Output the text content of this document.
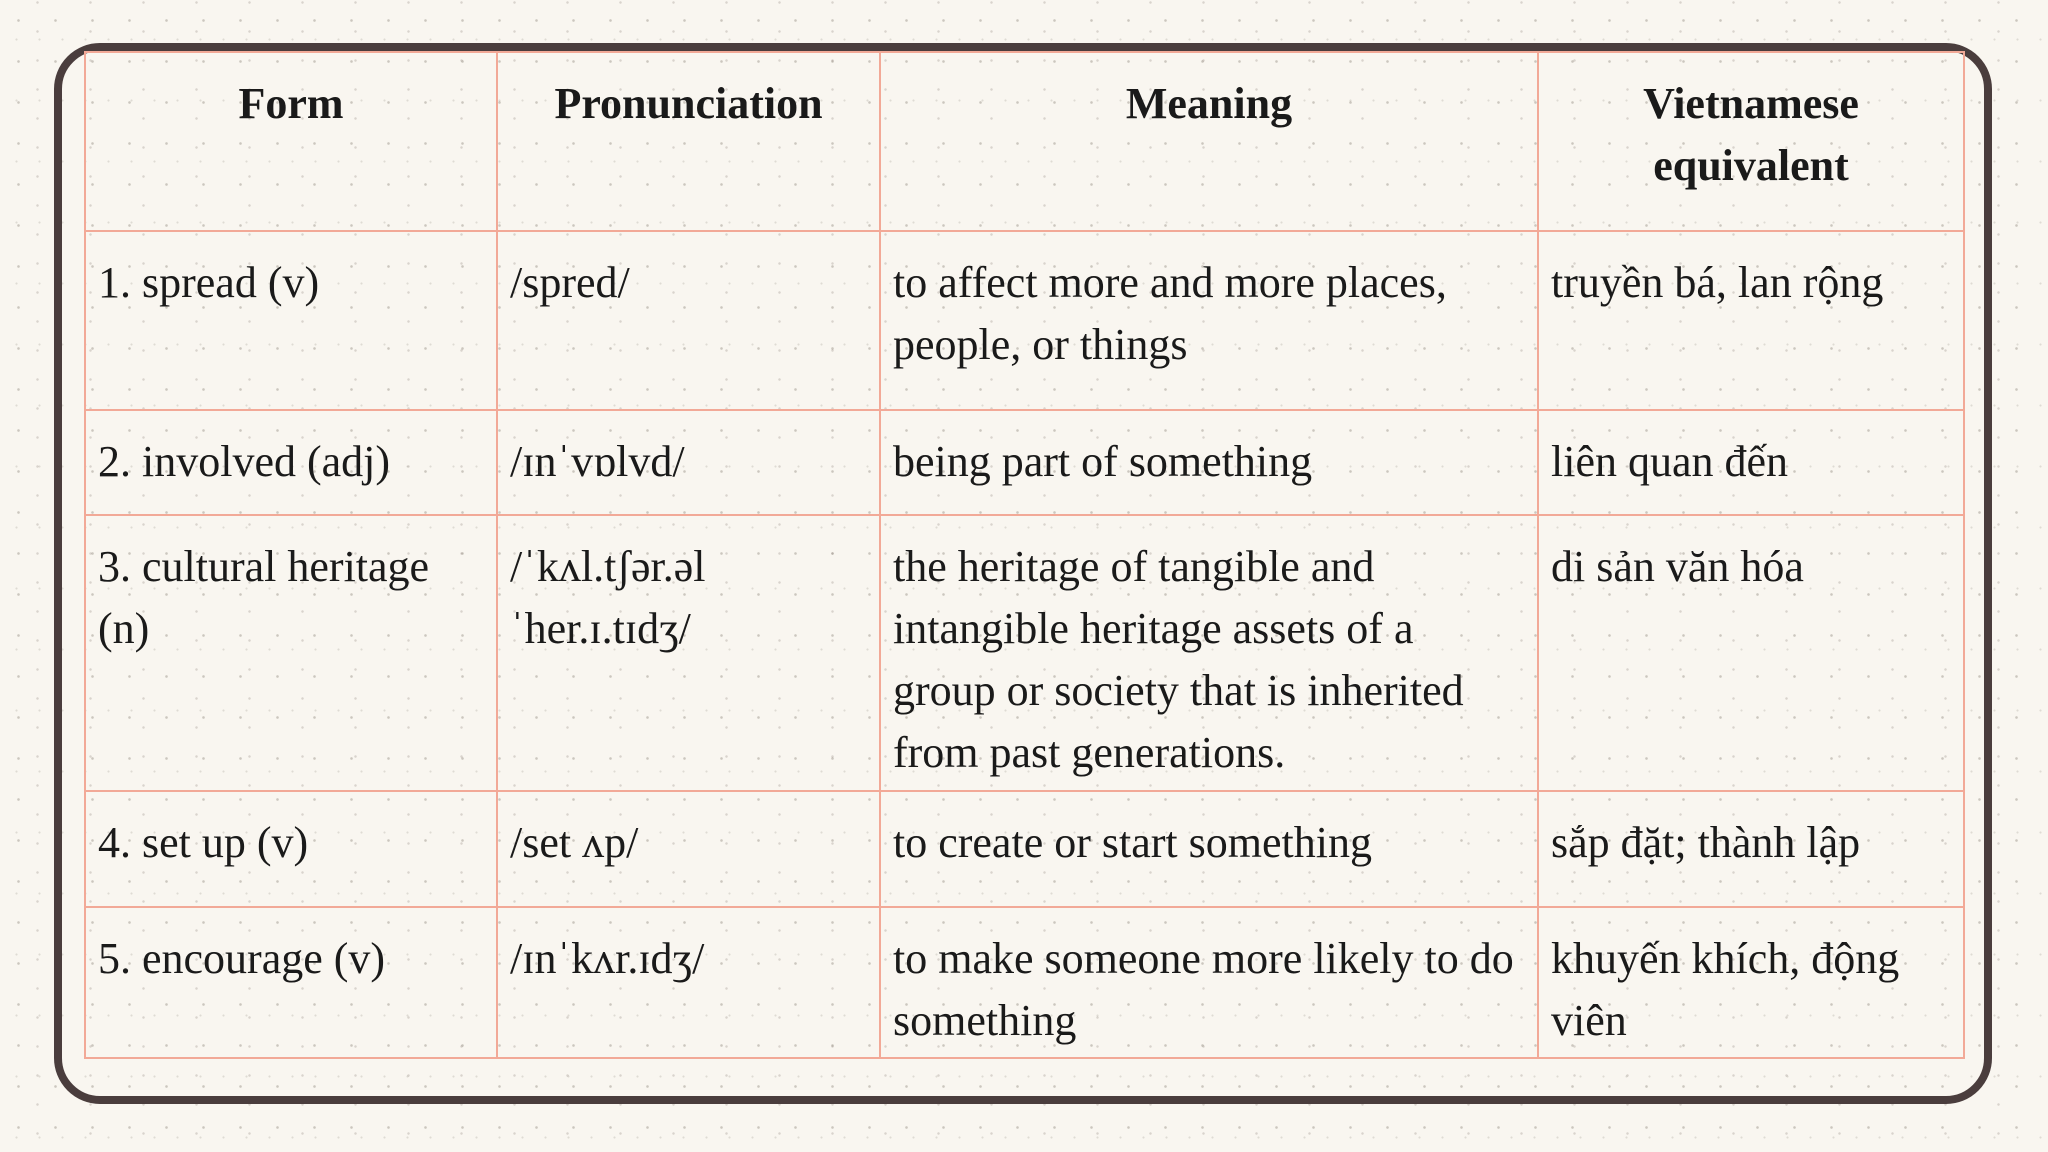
Form	Pronunciation	Meaning	Vietnamese equivalent
1. spread (v)	/spred/	to affect more and more places, people, or things	truyền bá, lan rộng
2. involved (adj)	/ɪnˈvɒlvd/	being part of something	liên quan đến
3. cultural heritage (n)	/ˈkʌl.tʃər.əl ˈher.ɪ.tɪdʒ/	the heritage of tangible and intangible heritage assets of a group or society that is inherited from past generations.	di sản văn hóa
4. set up (v)	/set ʌp/	to create or start something	sắp đặt; thành lập
5. encourage (v)	/ɪnˈkʌr.ɪdʒ/	to make someone more likely to do something	khuyến khích, động viên
